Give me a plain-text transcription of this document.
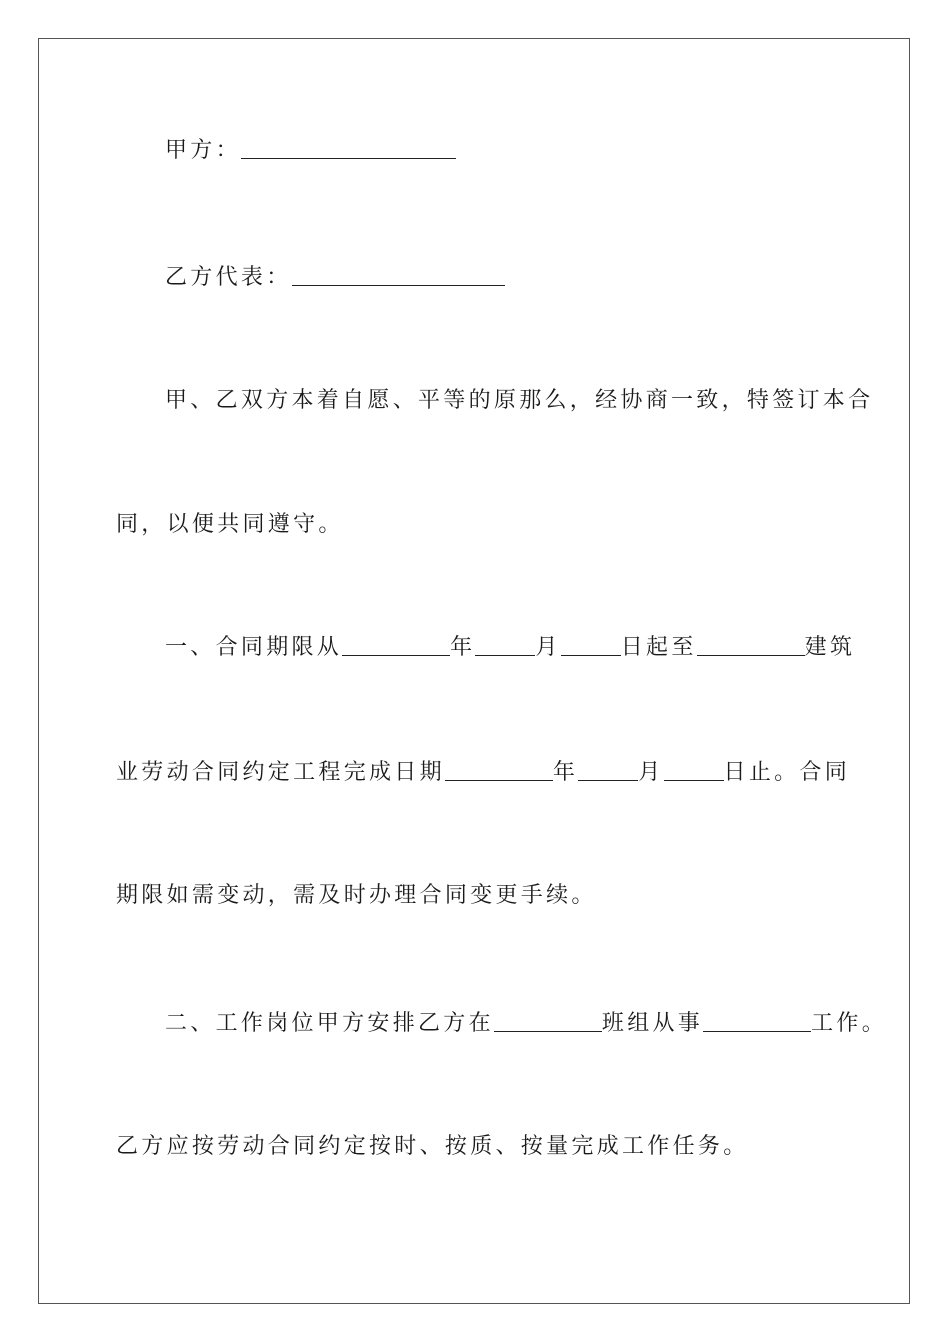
甲方：

乙方代表：

甲、乙双方本着自愿、平等的原那么，经协商一致，特签订本合

同，以便共同遵守。

一、合同期限从	年	月	日起至	建筑

业劳动合同约定工程完成日期	年	月	日止。合同

期限如需变动，需及时办理合同变更手续。

二、工作岗位甲方安排乙方在	班组从事	工作。

乙方应按劳动合同约定按时、按质、按量完成工作任务。
